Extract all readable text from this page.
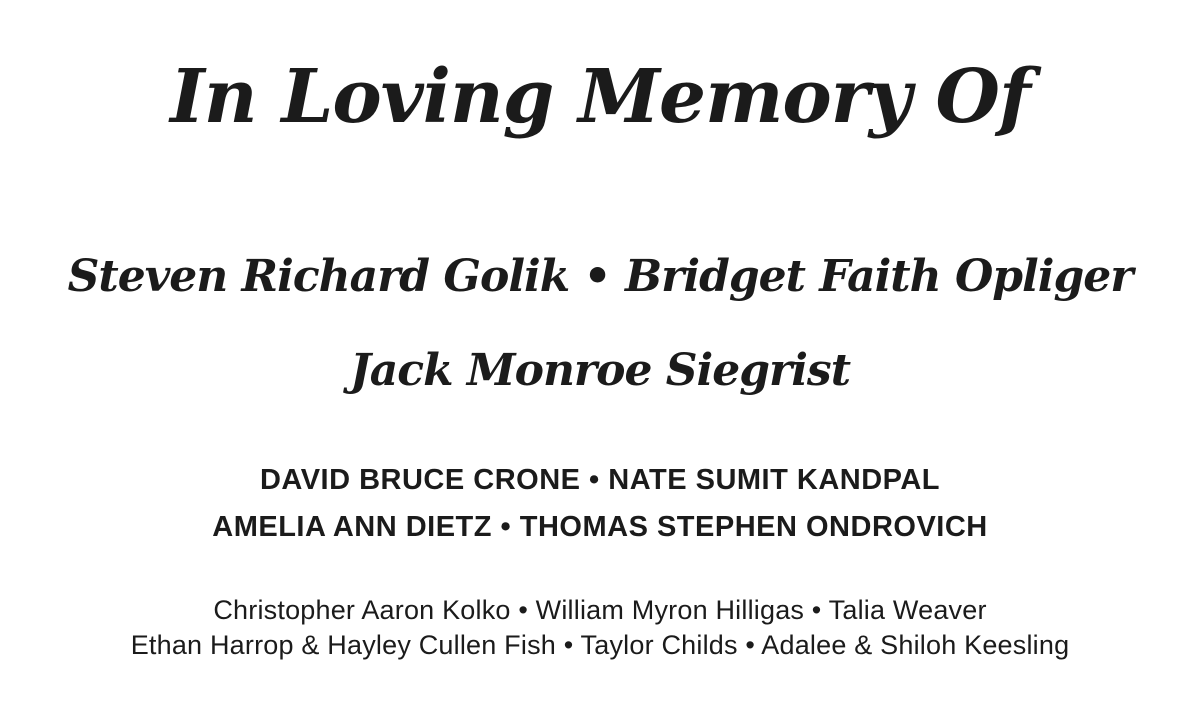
In Loving Memory Of
Steven Richard Golik • Bridget Faith Opliger
Jack Monroe Siegrist
DAVID BRUCE CRONE • NATE SUMIT KANDPAL
AMELIA ANN DIETZ • THOMAS STEPHEN ONDROVICH
Christopher Aaron Kolko • William Myron Hilligas • Talia Weaver
Ethan Harrop & Hayley Cullen Fish • Taylor Childs • Adalee & Shiloh Keesling
